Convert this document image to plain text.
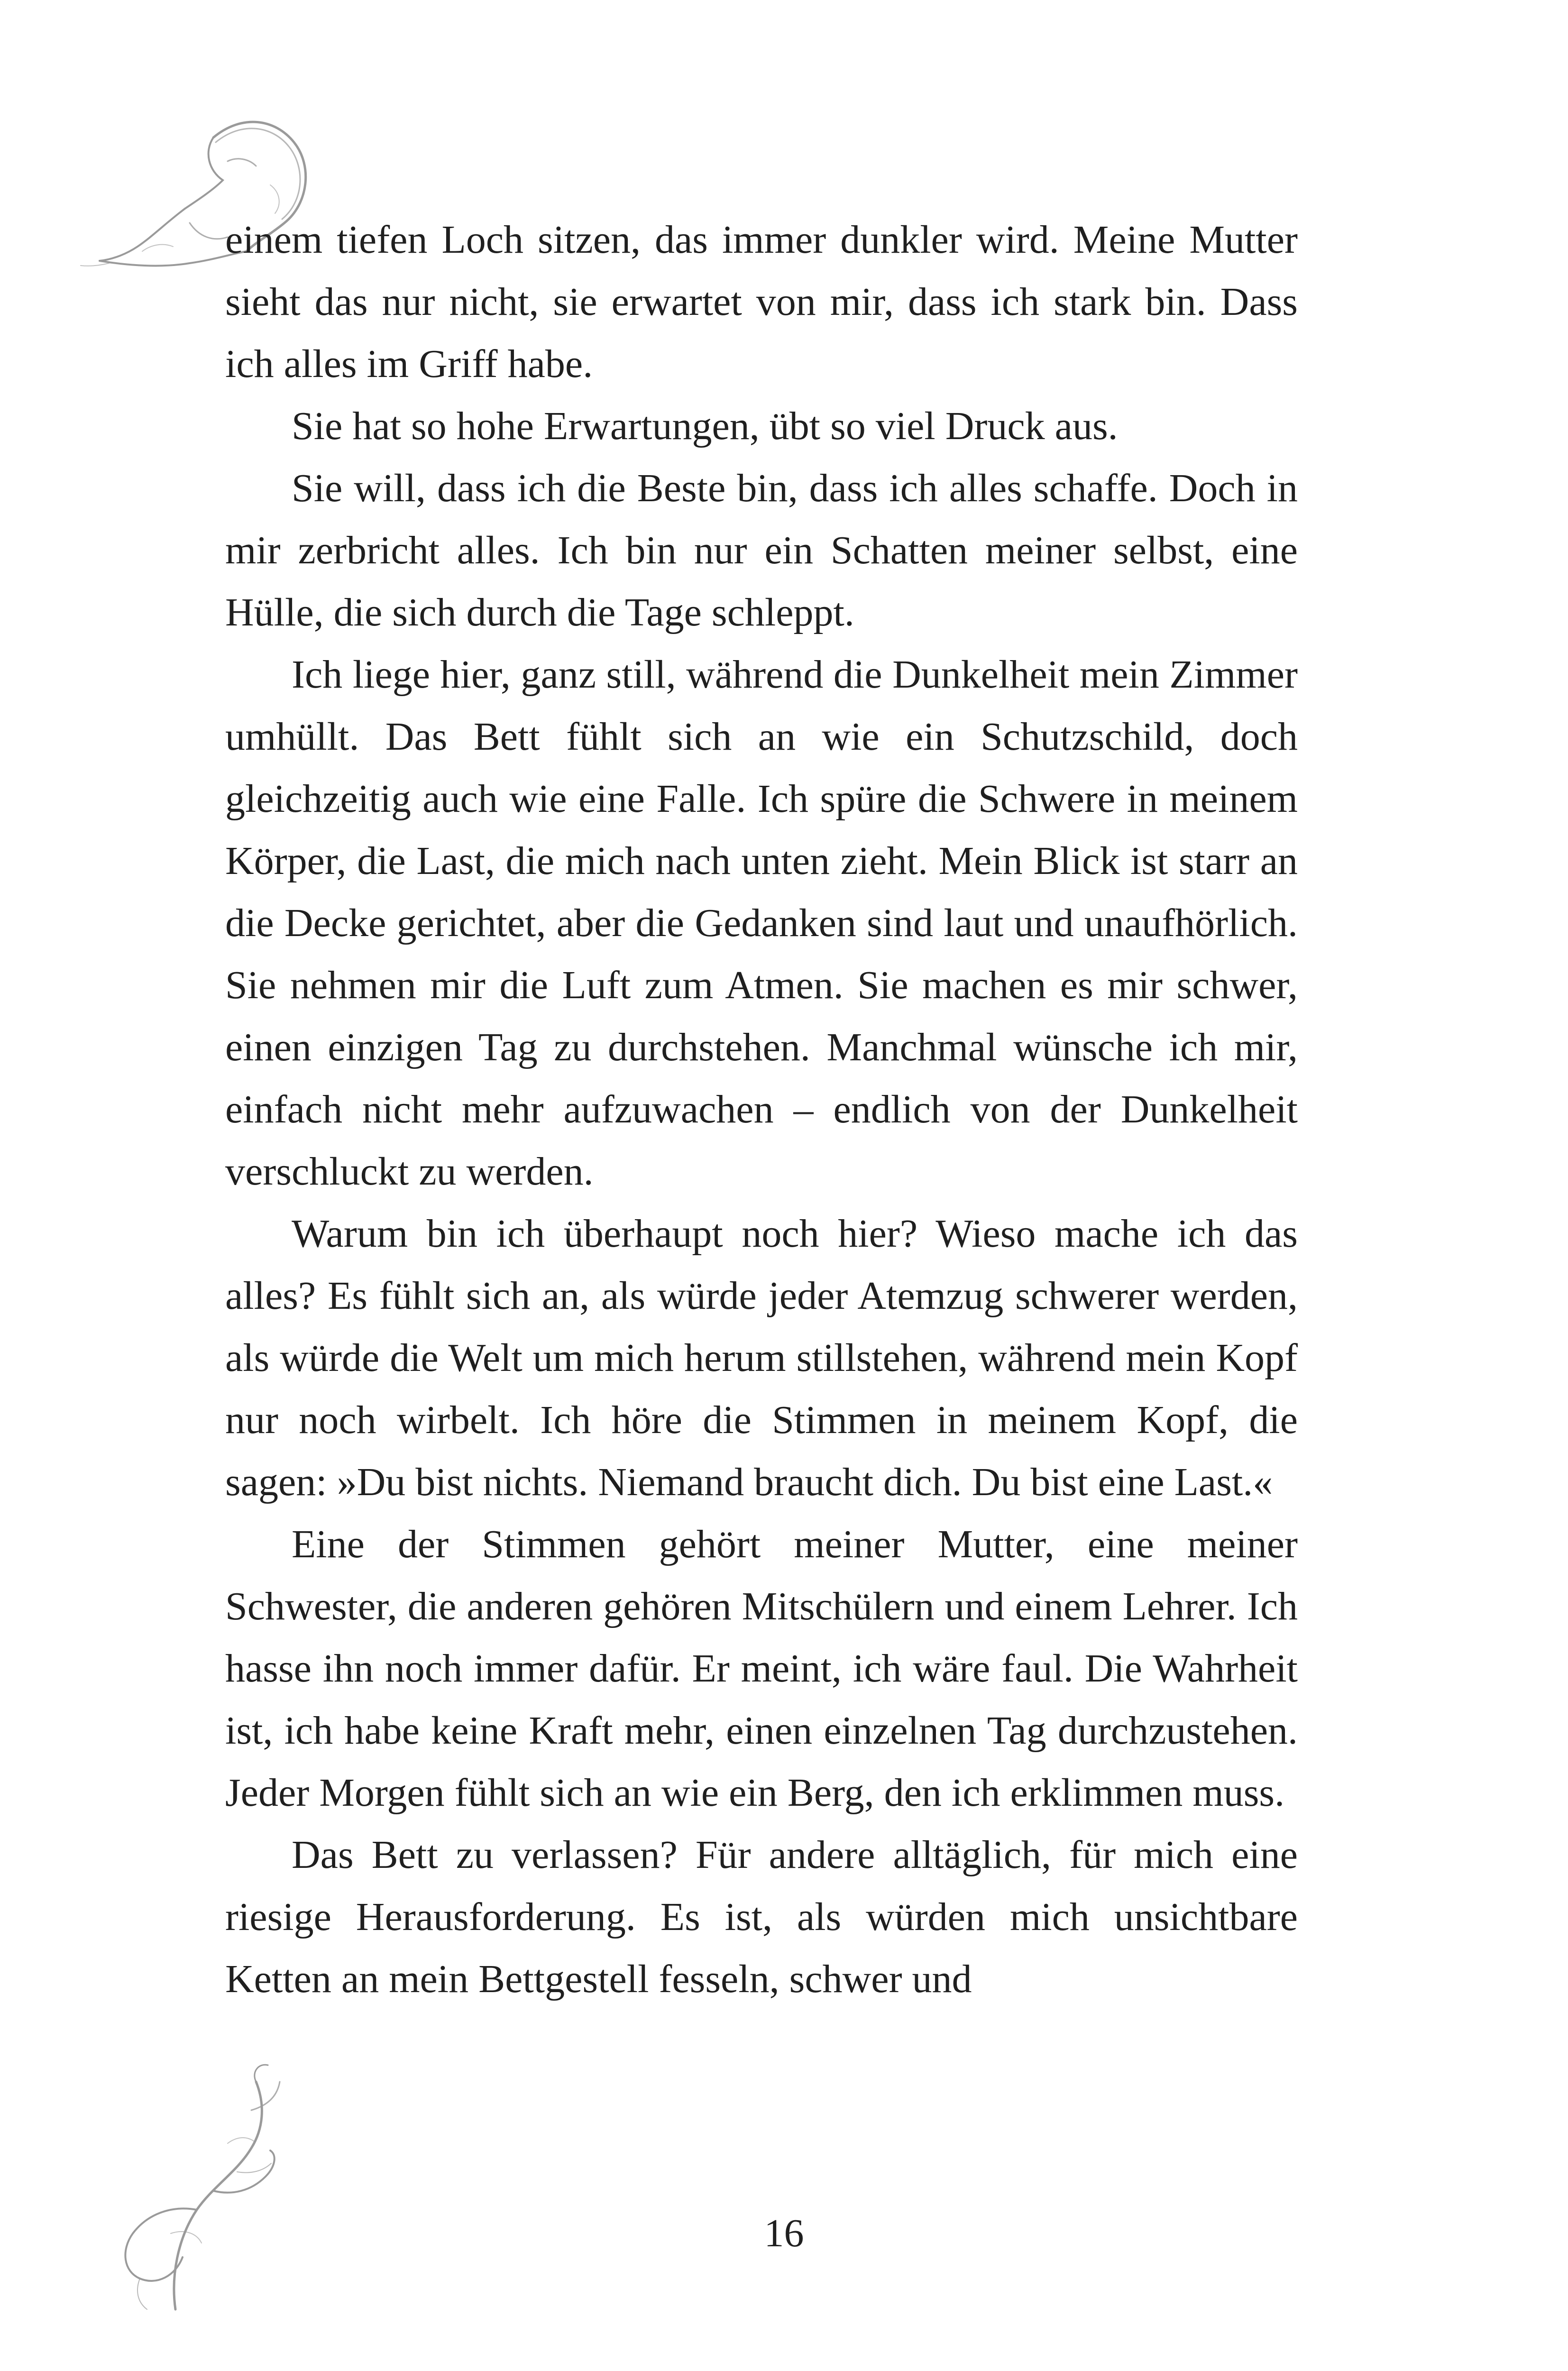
einem tiefen Loch sitzen, das immer dunkler wird. Meine Mutter sieht das nur nicht, sie erwartet von mir, dass ich stark bin. Dass ich alles im Griff habe.

Sie hat so hohe Erwartungen, übt so viel Druck aus.

Sie will, dass ich die Beste bin, dass ich alles schaffe. Doch in mir zerbricht alles. Ich bin nur ein Schatten meiner selbst, eine Hülle, die sich durch die Tage schleppt.

Ich liege hier, ganz still, während die Dunkelheit mein Zimmer umhüllt. Das Bett fühlt sich an wie ein Schutzschild, doch gleichzeitig auch wie eine Falle. Ich spüre die Schwere in meinem Körper, die Last, die mich nach unten zieht. Mein Blick ist starr an die Decke gerichtet, aber die Gedanken sind laut und unaufhörlich. Sie nehmen mir die Luft zum Atmen. Sie machen es mir schwer, einen einzigen Tag zu durchstehen. Manchmal wünsche ich mir, einfach nicht mehr aufzuwachen – endlich von der Dunkelheit verschluckt zu werden.

Warum bin ich überhaupt noch hier? Wieso mache ich das alles? Es fühlt sich an, als würde jeder Atemzug schwerer werden, als würde die Welt um mich herum stillstehen, während mein Kopf nur noch wirbelt. Ich höre die Stimmen in meinem Kopf, die sagen: »Du bist nichts. Niemand braucht dich. Du bist eine Last.«

Eine der Stimmen gehört meiner Mutter, eine meiner Schwester, die anderen gehören Mitschülern und einem Lehrer. Ich hasse ihn noch immer dafür. Er meint, ich wäre faul. Die Wahrheit ist, ich habe keine Kraft mehr, einen einzelnen Tag durchzustehen. Jeder Morgen fühlt sich an wie ein Berg, den ich erklimmen muss.

Das Bett zu verlassen? Für andere alltäglich, für mich eine riesige Herausforderung. Es ist, als würden mich unsichtbare Ketten an mein Bettgestell fesseln, schwer und

16
